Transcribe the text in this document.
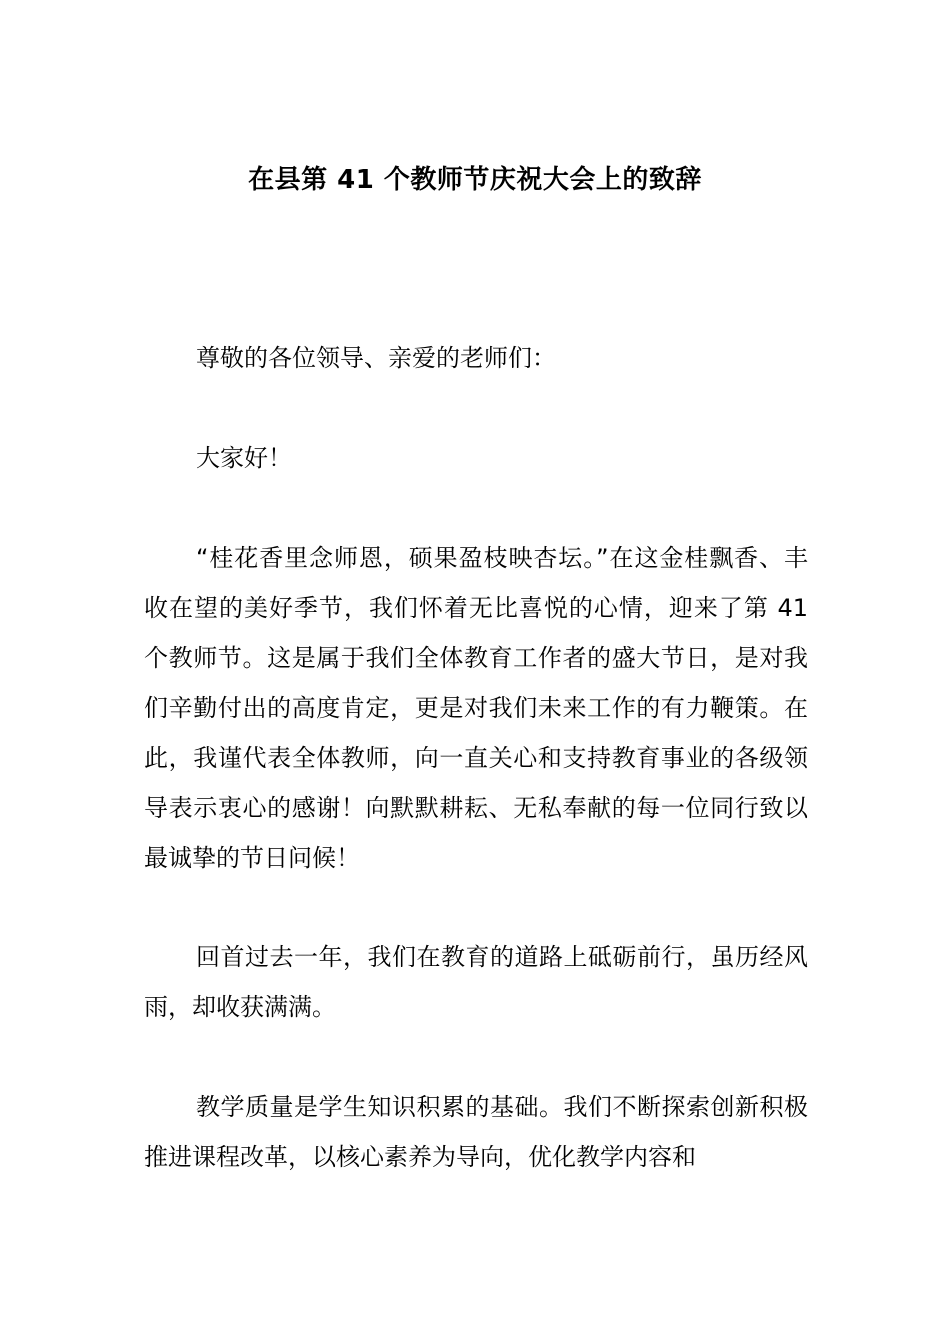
在县第 41 个教师节庆祝大会上的致辞

尊敬的各位领导、亲爱的老师们：

大家好！

“桂花香里念师恩，硕果盈枝映杏坛。”在这金桂飘香、丰收在望的美好季节，我们怀着无比喜悦的心情，迎来了第 41 个教师节。这是属于我们全体教育工作者的盛大节日，是对我们辛勤付出的高度肯定，更是对我们未来工作的有力鞭策。在此，我谨代表全体教师，向一直关心和支持教育事业的各级领导表示衷心的感谢！向默默耕耘、无私奉献的每一位同行致以最诚挚的节日问候！

回首过去一年，我们在教育的道路上砥砺前行，虽历经风雨，却收获满满。

教学质量是学生知识积累的基础。我们不断探索创新积极推进课程改革，以核心素养为导向，优化教学内容和
